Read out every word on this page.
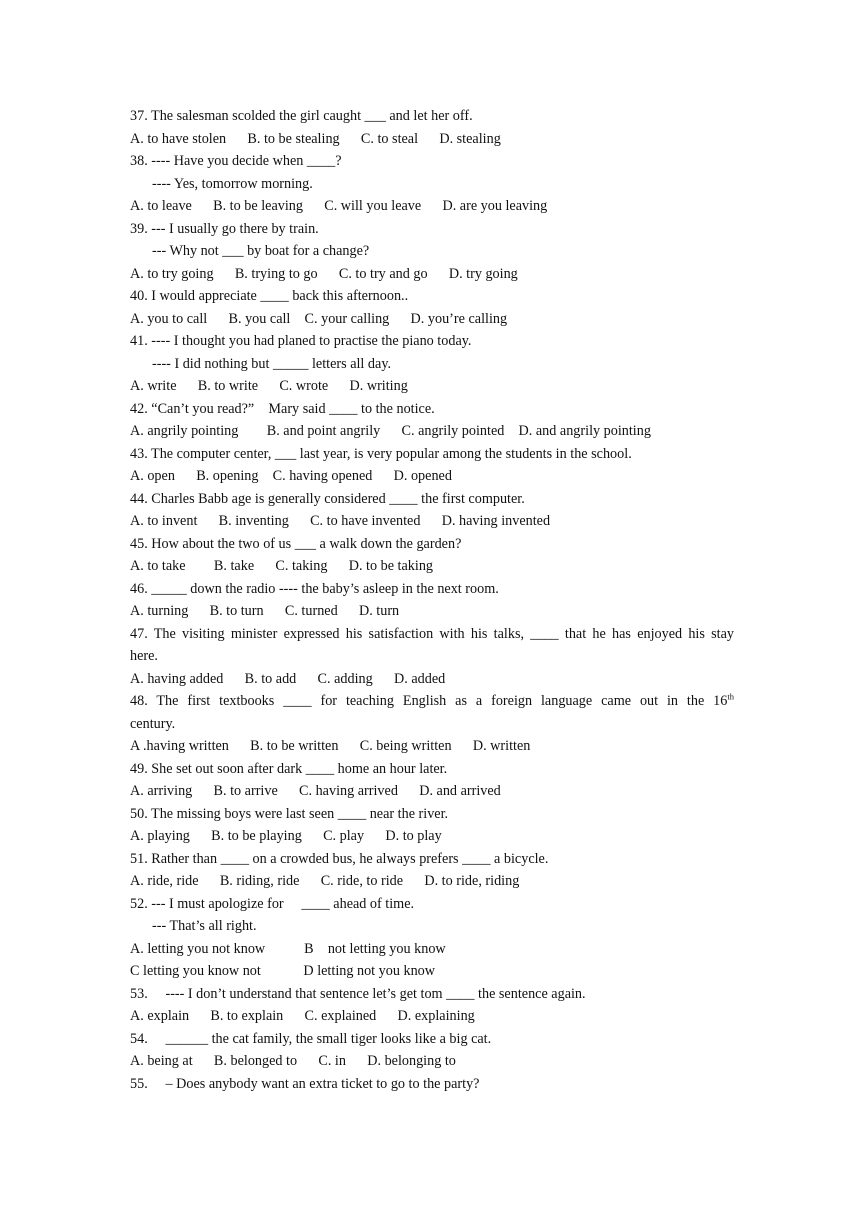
37. The salesman scolded the girl caught ___ and let her off.
A. to have stolen      B. to be stealing      C. to steal      D. stealing
38. ---- Have you decide when ____?
---- Yes, tomorrow morning.
A. to leave      B. to be leaving      C. will you leave      D. are you leaving
39. --- I usually go there by train.
--- Why not ___ by boat for a change?
A. to try going      B. trying to go      C. to try and go      D. try going
40. I would appreciate ____ back this afternoon..
A. you to call      B. you call    C. your calling      D. you’re calling
41. ---- I thought you had planed to practise the piano today.
---- I did nothing but _____ letters all day.
A. write      B. to write      C. wrote      D. writing
42. “Can’t you read?”    Mary said ____ to the notice.
A. angrily pointing        B. and point angrily      C. angrily pointed    D. and angrily pointing
43. The computer center, ___ last year, is very popular among the students in the school.
A. open      B. opening    C. having opened      D. opened
44. Charles Babb age is generally considered ____ the first computer.
A. to invent      B. inventing      C. to have invented      D. having invented
45. How about the two of us ___ a walk down the garden?
A. to take        B. take      C. taking      D. to be taking
46. _____ down the radio ---- the baby’s asleep in the next room.
A. turning      B. to turn      C. turned      D. turn
47. The visiting minister expressed his satisfaction with his talks, ____ that he has enjoyed his stay
here.
A. having added      B. to add      C. adding      D. added
48. The first textbooks ____ for teaching English as a foreign language came out in the 16th
century.
A .having written      B. to be written      C. being written      D. written
49. She set out soon after dark ____ home an hour later.
A. arriving      B. to arrive      C. having arrived      D. and arrived
50. The missing boys were last seen ____ near the river.
A. playing      B. to be playing      C. play      D. to play
51. Rather than ____ on a crowded bus, he always prefers ____ a bicycle.
A. ride, ride      B. riding, ride      C. ride, to ride      D. to ride, riding
52. --- I must apologize for     ____ ahead of time.
--- That’s all right.
A. letting you not know           B    not letting you know
C letting you know not            D letting not you know
53.     ---- I don’t understand that sentence let’s get tom ____ the sentence again.
A. explain      B. to explain      C. explained      D. explaining
54.     ______ the cat family, the small tiger looks like a big cat.
A. being at      B. belonged to      C. in      D. belonging to
55.     – Does anybody want an extra ticket to go to the party?
